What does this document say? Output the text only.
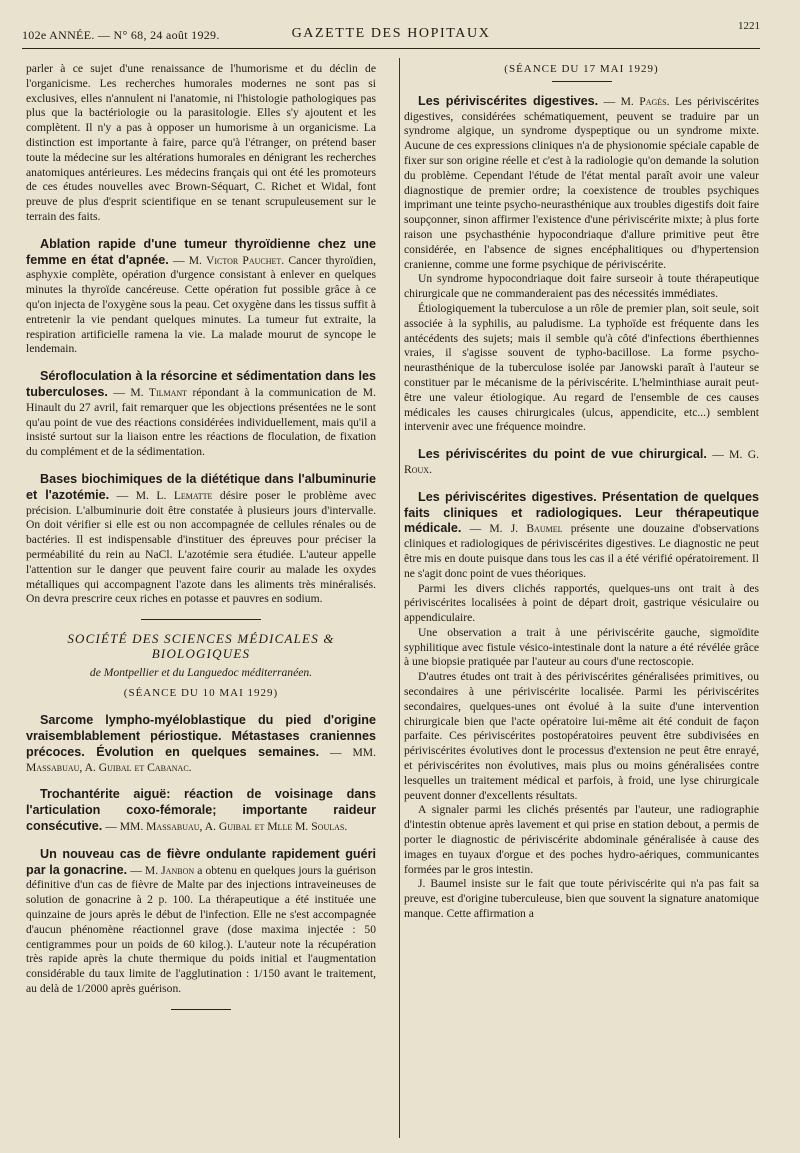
102e ANNÉE. — N° 68, 24 août 1929.	GAZETTE DES HOPITAUX	1221

parler à ce sujet d'une renaissance de l'humorisme et du déclin de l'organicisme. Les recherches humorales modernes ne sont pas si exclusives, elles n'annulent ni l'anatomie, ni l'histologie pathologiques pas plus que la bactériologie ou la parasitologie. Elles s'y ajoutent et les complètent. Il n'y a pas à opposer un humorisme à un organicisme. La distinction est importante à faire, parce qu'à l'étranger, on prétend baser toute la médecine sur les altérations humorales en dénigrant les recherches anatomiques antérieures. Les médecins français qui ont été les promoteurs de ces études nouvelles avec Brown-Séquart, C. Richet et Widal, font preuve de plus d'esprit scientifique en se tenant scrupuleusement sur le terrain des faits.

Ablation rapide d'une tumeur thyroïdienne chez une femme en état d'apnée. — M. Victor Pauchet. Cancer thyroïdien, asphyxie complète, opération d'urgence consistant à enlever en quelques minutes la thyroïde cancéreuse. Cette opération fut possible grâce à ce qu'on injecta de l'oxygène sous la peau. Cet oxygène dans les tissus suffit à entretenir la vie pendant quelques minutes. La tumeur fut extraite, la respiration artificielle ramena la vie. La malade mourut de syncope le lendemain.

Sérofloculation à la résorcine et sédimentation dans les tuberculoses. — M. Tilmant répondant à la communication de M. Hinault du 27 avril, fait remarquer que les objections présentées ne le sont qu'au point de vue des réactions considérées individuellement, mais qu'il a insisté surtout sur la liaison entre les réactions de floculation, de fixation du complément et de la sédimentation.

Bases biochimiques de la diététique dans l'albuminurie et l'azotémie. — M. L. Lematte désire poser le problème avec précision. L'albuminurie doit être constatée à plusieurs jours d'intervalle. On doit vérifier si elle est ou non accompagnée de cellules rénales ou de bactéries. Il est indispensable d'instituer des épreuves pour préciser la perméabilité du rein au NaCl. L'azotémie sera étudiée. L'auteur appelle l'attention sur le danger que peuvent faire courir au malade les oxydes métalliques qui accompagnent l'azote dans les aliments très minéralisés. On devra prescrire ceux riches en potasse et pauvres en sodium.

SOCIÉTÉ DES SCIENCES MÉDICALES & BIOLOGIQUES
de Montpellier et du Languedoc méditerranéen.
(SÉANCE DU 10 MAI 1929)

Sarcome lympho-myéloblastique du pied d'origine vraisemblablement périostique. Métastases craniennes précoces. Évolution en quelques semaines. — MM. Massabuau, A. Guibal et Cabanac.

Trochantérite aiguë: réaction de voisinage dans l'articulation coxo-fémorale; importante raideur consécutive. — MM. Massabuau, A. Guibal et Mlle M. Soulas.

Un nouveau cas de fièvre ondulante rapidement guéri par la gonacrine. — M. Janbon a obtenu en quelques jours la guérison définitive d'un cas de fièvre de Malte par des injections intraveineuses de solution de gonacrine à 2 p. 100. La thérapeutique a été instituée une quinzaine de jours après le début de l'infection. Elle ne s'est accompagnée d'aucun phénomène réactionnel grave (dose maxima injectée : 50 centigrammes pour un poids de 60 kilog.). L'auteur note la récupération très rapide après la chute thermique du poids initial et l'augmentation considérable du taux limite de l'agglutination : 1/150 avant le traitement, au delà de 1/2000 après guérison.

(SÉANCE DU 17 MAI 1929)

Les périviscérites digestives. — M. Pagès. Les périviscérites digestives, considérées schématiquement, peuvent se traduire par un syndrome algique, un syndrome dyspeptique ou un syndrome mixte. Aucune de ces expressions cliniques n'a de physionomie spéciale capable de fixer sur son origine réelle et c'est à la radiologie qu'on demande la solution du problème. Cependant l'étude de l'état mental paraît avoir une valeur diagnostique de premier ordre; la coexistence de troubles psychiques imprimant une teinte psycho-neurasthénique aux troubles digestifs doit faire soupçonner, sinon affirmer l'existence d'une périviscérite mixte; à plus forte raison une psychasthénie hypocondriaque d'allure primitive peut être considérée, en l'absence de signes encéphalitiques ou d'hypertension cranienne, comme une forme psychique de périviscérite.

Un syndrome hypocondriaque doit faire surseoir à toute thérapeutique chirurgicale que ne commanderaient pas des nécessités immédiates.

Étiologiquement la tuberculose a un rôle de premier plan, soit seule, soit associée à la syphilis, au paludisme. La typhoïde est fréquente dans les antécédents des sujets; mais il semble qu'à côté d'infections éberthiennes vraies, il s'agisse souvent de typho-bacillose. La forme psycho-neurasthénique de la tuberculose isolée par Janowski paraît à l'auteur se constituer par le mécanisme de la périviscérite. L'helminthiase aurait peut-être une valeur étiologique. Au regard de l'ensemble de ces causes médicales les causes chirurgicales (ulcus, appendicite, etc...) semblent intervenir avec une fréquence moindre.

Les périviscérites du point de vue chirurgical. — M. G. Roux.

Les périviscérites digestives. Présentation de quelques faits cliniques et radiologiques. Leur thérapeutique médicale. — M. J. Baumel présente une douzaine d'observations cliniques et radiologiques de périviscérites digestives. Le diagnostic ne peut être mis en doute puisque dans tous les cas il a été vérifié opératoirement. Il ne s'agit donc point de vues théoriques.

Parmi les divers clichés rapportés, quelques-uns ont trait à des périviscérites localisées à point de départ droit, gastrique vésiculaire ou appendiculaire.

Une observation a trait à une périviscérite gauche, sigmoïdite syphilitique avec fistule vésico-intestinale dont la nature a été révélée grâce à une biopsie pratiquée par l'auteur au cours d'une rectoscopie.

D'autres études ont trait à des périviscérites généralisées primitives, ou secondaires à une périviscérite localisée. Parmi les périviscérites secondaires, quelques-unes ont évolué à la suite d'une intervention chirurgicale bien que l'acte opératoire lui-même ait été conduit de façon parfaite. Ces périviscérites postopératoires peuvent être subdivisées en périviscérites évolutives dont le processus d'extension ne peut être enrayé, et périviscérites non évolutives, mais plus ou moins généralisées contre lesquelles un traitement médical et parfois, à froid, une lyse chirurgicale peuvent donner d'excellents résultats.

A signaler parmi les clichés présentés par l'auteur, une radiographie d'intestin obtenue après lavement et qui prise en station debout, a permis de porter le diagnostic de périviscérite abdominale généralisée à cause des images en tuyaux d'orgue et des poches hydro-aériques, communicantes formées par le gros intestin.

J. Baumel insiste sur le fait que toute périviscérite qui n'a pas fait sa preuve, est d'origine tuberculeuse, bien que souvent la signature anatomique manque. Cette affirmation a
